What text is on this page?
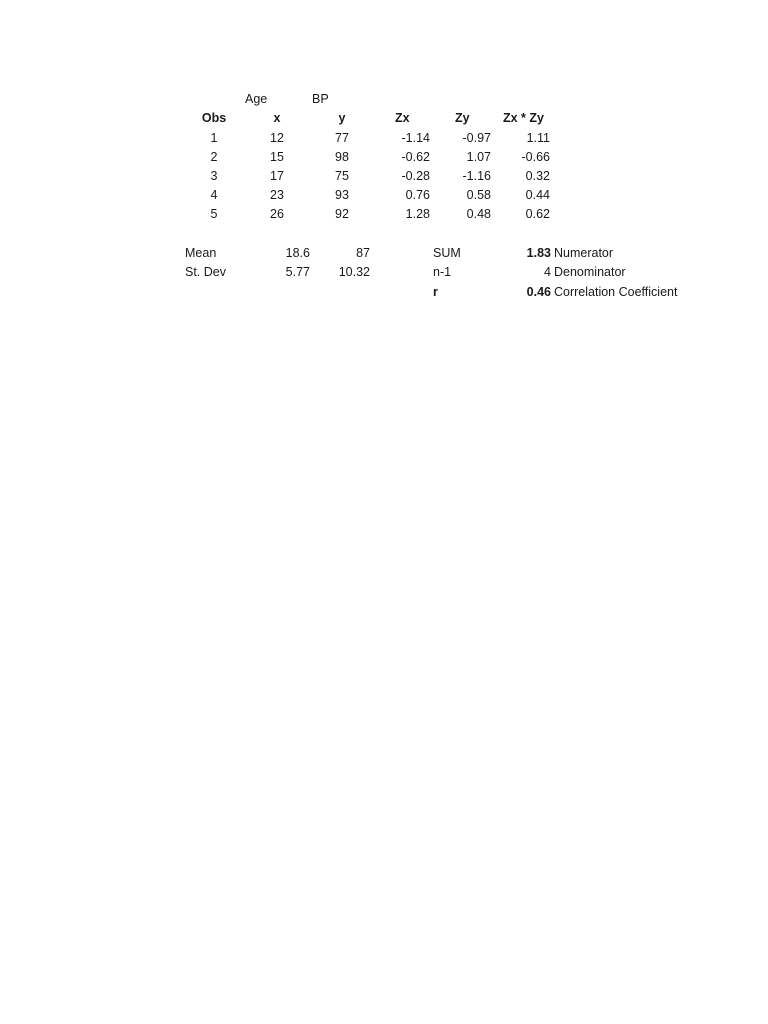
Age	BP
Obs	x	y	Zx	Zy	Zx * Zy
1	12	77	-1.14	-0.97	1.11
2	15	98	-0.62	1.07	-0.66
3	17	75	-0.28	-1.16	0.32
4	23	93	0.76	0.58	0.44
5	26	92	1.28	0.48	0.62
Mean	18.6	87
St. Dev	5.77	10.32
SUM	1.83 Numerator
n-1	4 Denominator
r	0.46 Correlation Coefficient
